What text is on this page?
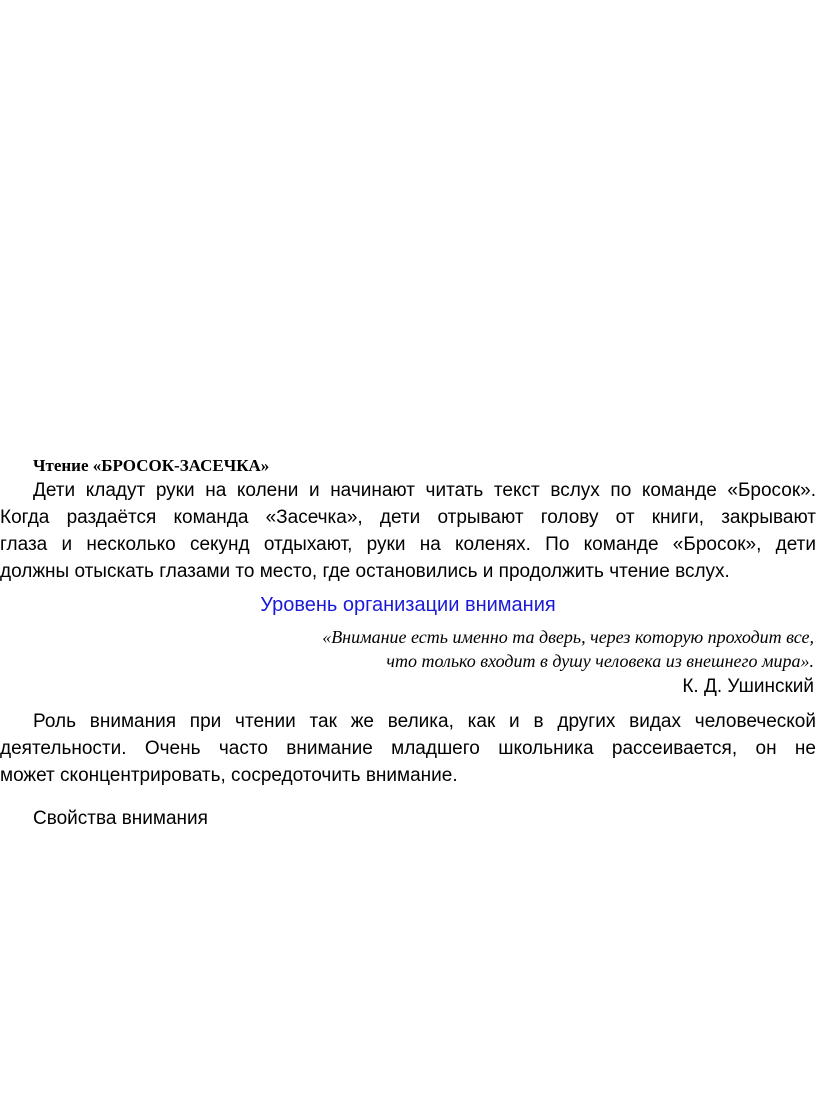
Чтение «БРОСОК-ЗАСЕЧКА»

Дети кладут руки на колени и начинают читать текст вслух по команде «Бросок».
Когда раздаётся команда «Засечка», дети отрывают голову от книги, закрывают
глаза и несколько секунд отдыхают, руки на коленях. По команде «Бросок», дети
должны отыскать глазами то место, где остановились и продолжить чтение вслух.

Уровень организации внимания

«Внимание есть именно та дверь, через которую проходит все,
что только входит в душу человека из внешнего мира».

К. Д. Ушинский

Роль внимания при чтении так же велика, как и в других видах человеческой
деятельности. Очень часто внимание младшего школьника рассеивается, он не
может сконцентрировать, сосредоточить внимание.

Свойства внимания
